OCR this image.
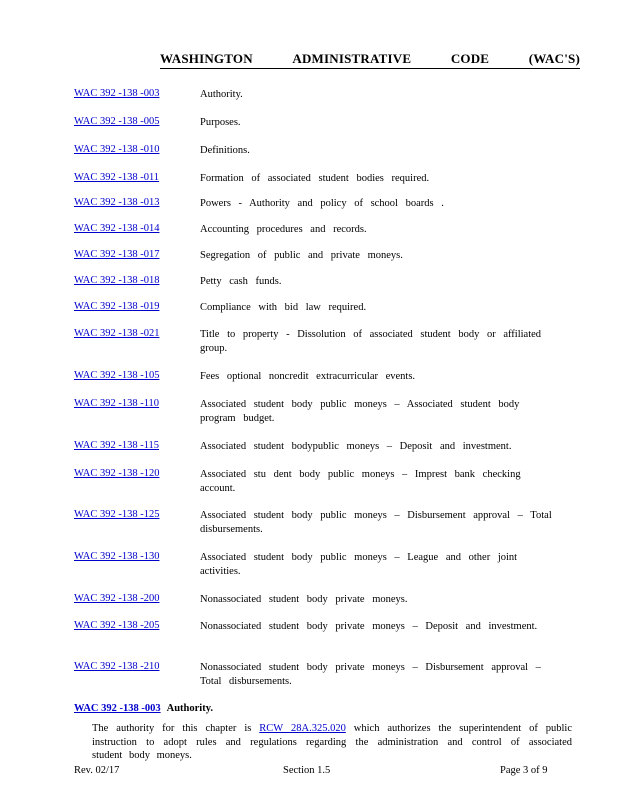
WASHINGTON	ADMINISTRATIVE	CODE	(WAC'S)
WAC 392 -138 -003	Authority.
WAC 392 -138 -005	Purposes.
WAC 392 -138 -010	Definitions.
WAC 392 -138 -011	Formation of associated student bodies required.
WAC 392 -138 -013	Powers - Authority and policy of school boards .
WAC 392 -138 -014	Accounting procedures and records.
WAC 392 -138 -017	Segregation of public and private moneys.
WAC 392 -138 -018	Petty cash funds.
WAC 392 -138 -019	Compliance with bid law required.
WAC 392 -138 -021	Title to property - Dissolution of associated student body or affiliated group.
WAC 392 -138 -105	Fees optional noncredit extracurricular events.
WAC 392 -138 -110	Associated student body public moneys – Associated student body program budget.
WAC 392 -138 -115	Associated student bodypublic moneys – Deposit and investment.
WAC 392 -138 -120	Associated stu dent body public moneys – Imprest bank checking account.
WAC 392 -138 -125	Associated student body public moneys – Disbursement approval – Total disbursements.
WAC 392 -138 -130	Associated student body public moneys – League and other joint activities.
WAC 392 -138 -200	Nonassociated student body private moneys.
WAC 392 -138 -205	Nonassociated student body private moneys – Deposit and investment.
WAC 392 -138 -210	Nonassociated student body private moneys – Disbursement approval – Total disbursements.
WAC 392 -138 -003 Authority.
The authority for this chapter is RCW 28A.325.020 which authorizes the superintendent of public instruction to adopt rules and regulations regarding the administration and control of associated student body moneys.
Rev. 02/17	Section 1.5	Page 3 of 9
